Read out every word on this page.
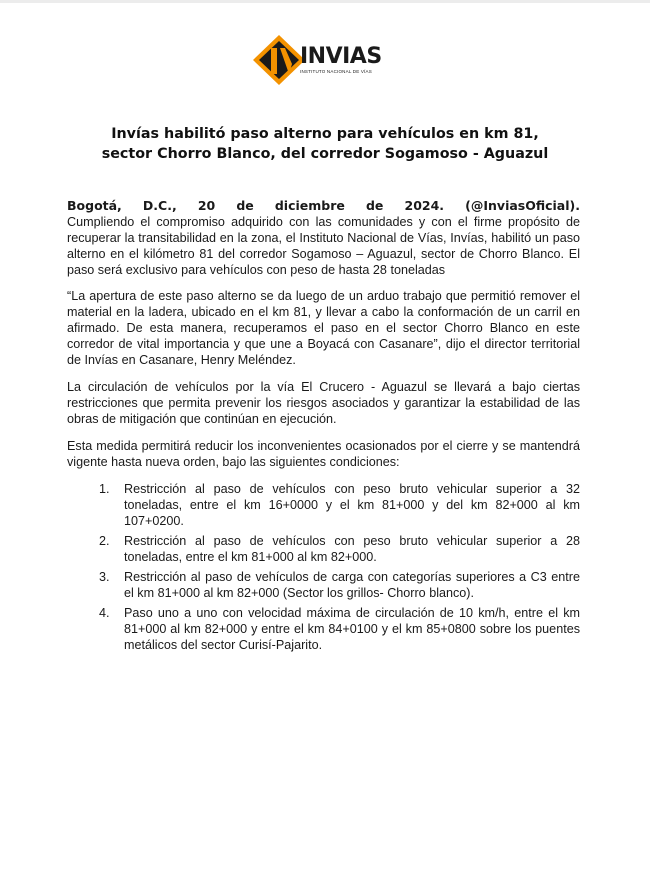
INVIAS
INSTITUTO NACIONAL DE VÍAS
Invías habilitó paso alterno para vehículos en km 81, sector Chorro Blanco, del corredor Sogamoso - Aguazul
Bogotá, D.C., 20 de diciembre de 2024. (@InviasOficial).
Cumpliendo el compromiso adquirido con las comunidades y con el firme propósito de recuperar la transitabilidad en la zona, el Instituto Nacional de Vías, Invías, habilitó un paso alterno en el kilómetro 81 del corredor Sogamoso – Aguazul, sector de Chorro Blanco. El paso será exclusivo para vehículos con peso de hasta 28 toneladas

“La apertura de este paso alterno se da luego de un arduo trabajo que permitió remover el material en la ladera, ubicado en el km 81, y llevar a cabo la conformación de un carril en afirmado. De esta manera, recuperamos el paso en el sector Chorro Blanco en este corredor de vital importancia y que une a Boyacá con Casanare”, dijo el director territorial de Invías en Casanare, Henry Meléndez.

La circulación de vehículos por la vía El Crucero - Aguazul se llevará a bajo ciertas restricciones que permita prevenir los riesgos asociados y garantizar la estabilidad de las obras de mitigación que continúan en ejecución.

Esta medida permitirá reducir los inconvenientes ocasionados por el cierre y se mantendrá vigente hasta nueva orden, bajo las siguientes condiciones:

1.	Restricción al paso de vehículos con peso bruto vehicular superior a 32 toneladas, entre el km 16+0000 y el km 81+000 y del km 82+000 al km 107+0200.
2.	Restricción al paso de vehículos con peso bruto vehicular superior a 28 toneladas, entre el km 81+000 al km 82+000.
3.	Restricción al paso de vehículos de carga con categorías superiores a C3 entre el km 81+000 al km 82+000 (Sector los grillos- Chorro blanco).
4.	Paso uno a uno con velocidad máxima de circulación de 10 km/h, entre el km 81+000 al km 82+000 y entre el km 84+0100 y el km 85+0800 sobre los puentes metálicos del sector Curisí-Pajarito.
